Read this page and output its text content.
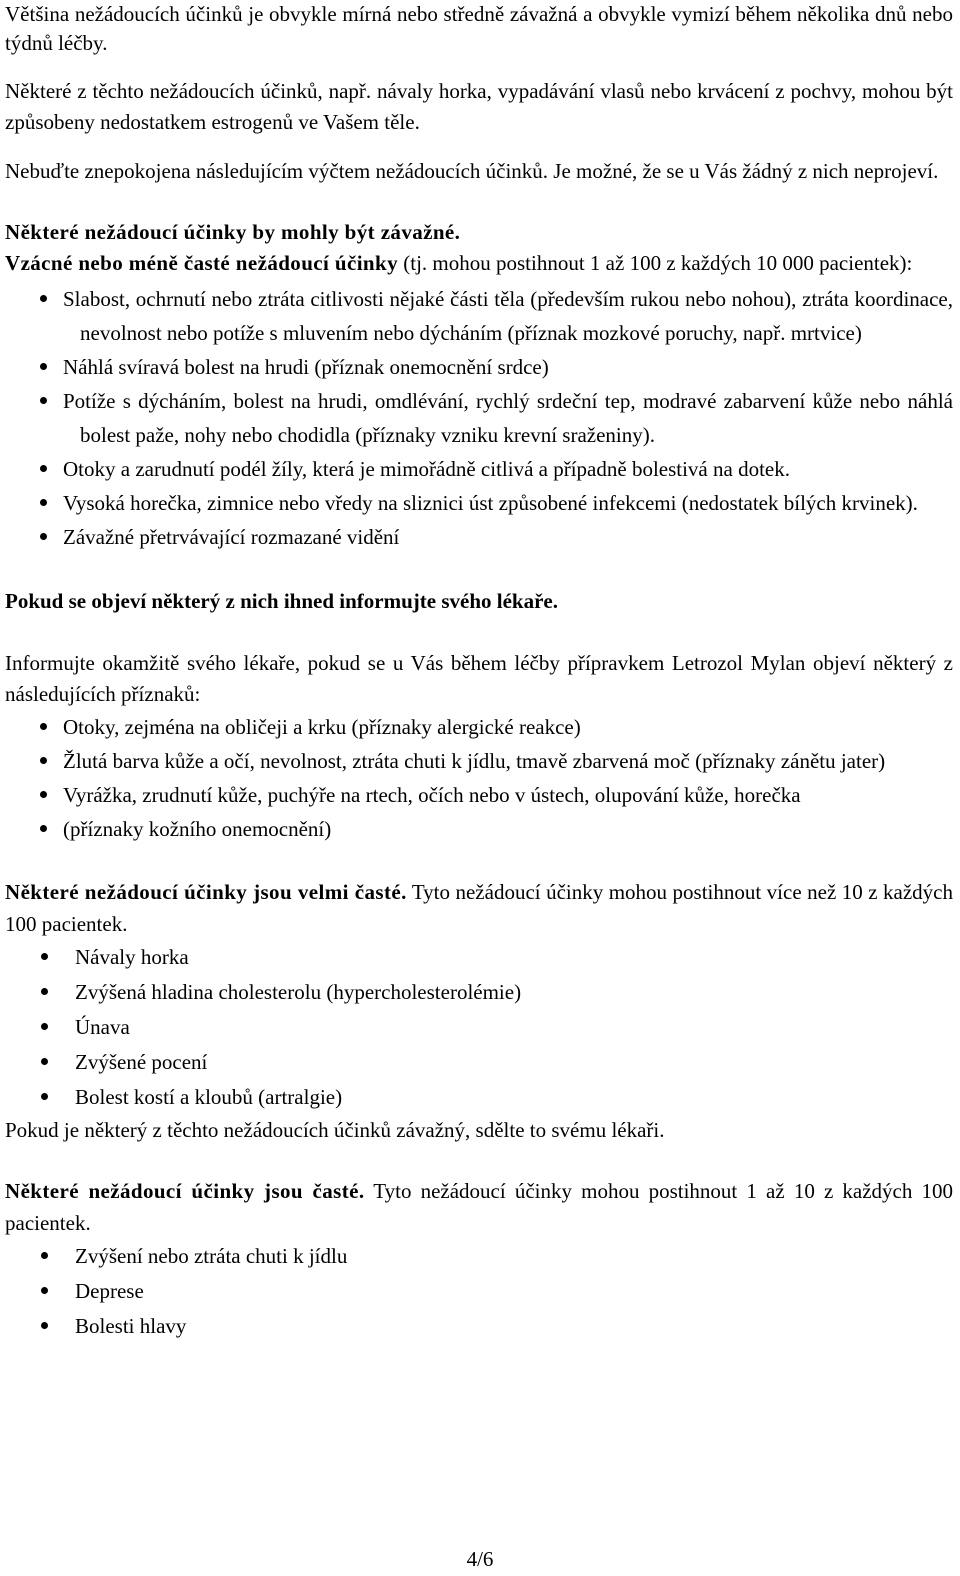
Většina nežádoucích účinků je obvykle mírná nebo středně závažná a obvykle vymizí během několika dnů nebo týdnů léčby.

Některé z těchto nežádoucích účinků, např. návaly horka, vypadávání vlasů nebo krvácení z pochvy, mohou být způsobeny nedostatkem estrogenů ve Vašem těle.

Nebuďte znepokojena následujícím výčtem nežádoucích účinků. Je možné, že se u Vás žádný z nich neprojeví.

Některé nežádoucí účinky by mohly být závažné.

Vzácné nebo méně časté nežádoucí účinky (tj. mohou postihnout 1 až 100 z každých 10 000 pacientek):

Slabost, ochrnutí nebo ztráta citlivosti nějaké části těla (především rukou nebo nohou), ztráta koordinace, nevolnost nebo potíže s mluvením nebo dýcháním (příznak mozkové poruchy, např. mrtvice)
Náhlá svíravá bolest na hrudi (příznak onemocnění srdce)
Potíže s dýcháním, bolest na hrudi, omdlévání, rychlý srdeční tep, modravé zabarvení kůže nebo náhlá bolest paže, nohy nebo chodidla (příznaky vzniku krevní sraženiny).
Otoky a zarudnutí podél žíly, která je mimořádně citlivá a případně bolestivá na dotek.
Vysoká horečka, zimnice nebo vředy na sliznici úst způsobené infekcemi (nedostatek bílých krvinek).
Závažné přetrvávající rozmazané vidění

Pokud se objeví některý z nich ihned informujte svého lékaře.

Informujte okamžitě svého lékaře, pokud se u Vás během léčby přípravkem Letrozol Mylan objeví některý z následujících příznaků:

Otoky, zejména na obličeji a krku (příznaky alergické reakce)
Žlutá barva kůže a očí, nevolnost, ztráta chuti k jídlu, tmavě zbarvená moč (příznaky zánětu jater)
Vyrážka, zrudnutí kůže, puchýře na rtech, očích nebo v ústech, olupování kůže, horečka
(příznaky kožního onemocnění)

Některé nežádoucí účinky jsou velmi časté. Tyto nežádoucí účinky mohou postihnout více než 10 z každých 100 pacientek.

Návaly horka
Zvýšená hladina cholesterolu (hypercholesterolémie)
Únava
Zvýšené pocení
Bolest kostí a kloubů (artralgie)

Pokud je některý z těchto nežádoucích účinků závažný, sdělte to svému lékaři.

Některé nežádoucí účinky jsou časté. Tyto nežádoucí účinky mohou postihnout 1 až 10 z každých 100 pacientek.

Zvýšení nebo ztráta chuti k jídlu
Deprese
Bolesti hlavy
4/6
